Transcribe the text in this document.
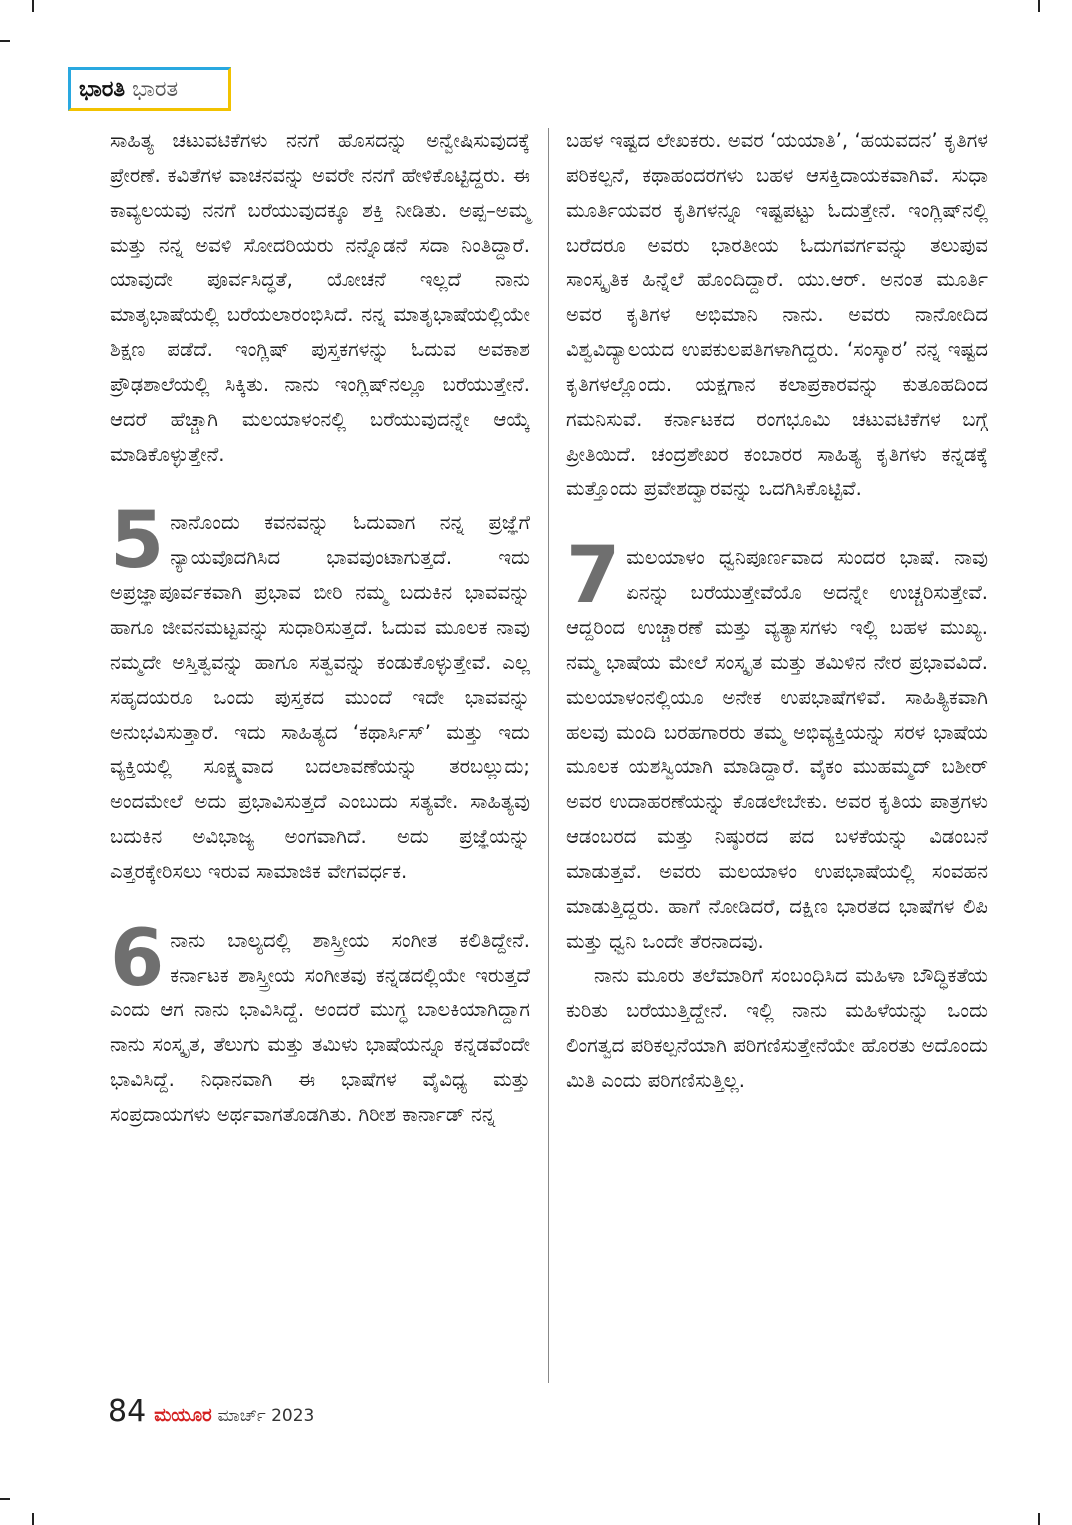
ಭಾರತಿ ಭಾರತ

ಸಾಹಿತ್ಯ ಚಟುವಟಿಕೆಗಳು ನನಗೆ ಹೊಸದನ್ನು ಅನ್ವೇಷಿಸುವುದಕ್ಕೆ ಪ್ರೇರಣೆ. ಕವಿತೆಗಳ ವಾಚನವನ್ನು ಅವರೇ ನನಗೆ ಹೇಳಿಕೊಟ್ಟಿದ್ದರು. ಈ ಕಾವ್ಯಲಯವು ನನಗೆ ಬರೆಯುವುದಕ್ಕೂ ಶಕ್ತಿ ನೀಡಿತು. ಅಪ್ಪ–ಅಮ್ಮ ಮತ್ತು ನನ್ನ ಅವಳಿ ಸೋದರಿಯರು ನನ್ನೊಡನೆ ಸದಾ ನಿಂತಿದ್ದಾರೆ. ಯಾವುದೇ ಪೂರ್ವಸಿದ್ಧತೆ, ಯೋಚನೆ ಇಲ್ಲದೆ ನಾನು ಮಾತೃಭಾಷೆಯಲ್ಲಿ ಬರೆಯಲಾರಂಭಿಸಿದೆ. ನನ್ನ ಮಾತೃಭಾಷೆಯಲ್ಲಿಯೇ ಶಿಕ್ಷಣ ಪಡೆದೆ. ಇಂಗ್ಲಿಷ್ ಪುಸ್ತಕಗಳನ್ನು ಓದುವ ಅವಕಾಶ ಪ್ರೌಢಶಾಲೆಯಲ್ಲಿ ಸಿಕ್ಕಿತು. ನಾನು ಇಂಗ್ಲಿಷ್‌ನಲ್ಲೂ ಬರೆಯುತ್ತೇನೆ. ಆದರೆ ಹೆಚ್ಚಾಗಿ ಮಲಯಾಳಂನಲ್ಲಿ ಬರೆಯುವುದನ್ನೇ ಆಯ್ಕೆ ಮಾಡಿಕೊಳ್ಳುತ್ತೇನೆ.

5 ನಾನೊಂದು ಕವನವನ್ನು ಓದುವಾಗ ನನ್ನ ಪ್ರಜ್ಞೆಗೆ ನ್ಯಾಯವೊದಗಿಸಿದ ಭಾವವುಂಟಾಗುತ್ತದೆ. ಇದು ಅಪ್ರಜ್ಞಾಪೂರ್ವಕವಾಗಿ ಪ್ರಭಾವ ಬೀರಿ ನಮ್ಮ ಬದುಕಿನ ಭಾವವನ್ನು ಹಾಗೂ ಜೀವನಮಟ್ಟವನ್ನು ಸುಧಾರಿಸುತ್ತದೆ. ಓದುವ ಮೂಲಕ ನಾವು ನಮ್ಮದೇ ಅಸ್ತಿತ್ವವನ್ನು ಹಾಗೂ ಸತ್ವವನ್ನು ಕಂಡುಕೊಳ್ಳುತ್ತೇವೆ. ಎಲ್ಲ ಸಹೃದಯರೂ ಒಂದು ಪುಸ್ತಕದ ಮುಂದೆ ಇದೇ ಭಾವವನ್ನು ಅನುಭವಿಸುತ್ತಾರೆ. ಇದು ಸಾಹಿತ್ಯದ ‘ಕಥಾರ್ಸಿಸ್’ ಮತ್ತು ಇದು ವ್ಯಕ್ತಿಯಲ್ಲಿ ಸೂಕ್ಷ್ಮವಾದ ಬದಲಾವಣೆಯನ್ನು ತರಬಲ್ಲುದು; ಅಂದಮೇಲೆ ಅದು ಪ್ರಭಾವಿಸುತ್ತದೆ ಎಂಬುದು ಸತ್ಯವೇ. ಸಾಹಿತ್ಯವು ಬದುಕಿನ ಅವಿಭಾಜ್ಯ ಅಂಗವಾಗಿದೆ. ಅದು ಪ್ರಜ್ಞೆಯನ್ನು ಎತ್ತರಕ್ಕೇರಿಸಲು ಇರುವ ಸಾಮಾಜಿಕ ವೇಗವರ್ಧಕ.

6 ನಾನು ಬಾಲ್ಯದಲ್ಲಿ ಶಾಸ್ತ್ರೀಯ ಸಂಗೀತ ಕಲಿತಿದ್ದೇನೆ. ಕರ್ನಾಟಕ ಶಾಸ್ತ್ರೀಯ ಸಂಗೀತವು ಕನ್ನಡದಲ್ಲಿಯೇ ಇರುತ್ತದೆ ಎಂದು ಆಗ ನಾನು ಭಾವಿಸಿದ್ದೆ. ಅಂದರೆ ಮುಗ್ಧ ಬಾಲಕಿಯಾಗಿದ್ದಾಗ ನಾನು ಸಂಸ್ಕೃತ, ತೆಲುಗು ಮತ್ತು ತಮಿಳು ಭಾಷೆಯನ್ನೂ ಕನ್ನಡವೆಂದೇ ಭಾವಿಸಿದ್ದೆ. ನಿಧಾನವಾಗಿ ಈ ಭಾಷೆಗಳ ವೈವಿಧ್ಯ ಮತ್ತು ಸಂಪ್ರದಾಯಗಳು ಅರ್ಥವಾಗತೊಡಗಿತು. ಗಿರೀಶ ಕಾರ್ನಾಡ್ ನನ್ನ

ಬಹಳ ಇಷ್ಟದ ಲೇಖಕರು. ಅವರ ‘ಯಯಾತಿ’, ‘ಹಯವದನ’ ಕೃತಿಗಳ ಪರಿಕಲ್ಪನೆ, ಕಥಾಹಂದರಗಳು ಬಹಳ ಆಸಕ್ತಿದಾಯಕವಾಗಿವೆ. ಸುಧಾ ಮೂರ್ತಿಯವರ ಕೃತಿಗಳನ್ನೂ ಇಷ್ಟಪಟ್ಟು ಓದುತ್ತೇನೆ. ಇಂಗ್ಲಿಷ್‌ನಲ್ಲಿ ಬರೆದರೂ ಅವರು ಭಾರತೀಯ ಓದುಗವರ್ಗವನ್ನು ತಲುಪುವ ಸಾಂಸ್ಕೃತಿಕ ಹಿನ್ನೆಲೆ ಹೊಂದಿದ್ದಾರೆ. ಯು.ಆರ್. ಅನಂತ ಮೂರ್ತಿ ಅವರ ಕೃತಿಗಳ ಅಭಿಮಾನಿ ನಾನು. ಅವರು ನಾನೋದಿದ ವಿಶ್ವವಿದ್ಯಾಲಯದ ಉಪಕುಲಪತಿಗಳಾಗಿದ್ದರು. ‘ಸಂಸ್ಕಾರ’ ನನ್ನ ಇಷ್ಟದ ಕೃತಿಗಳಲ್ಲೊಂದು. ಯಕ್ಷಗಾನ ಕಲಾಪ್ರಕಾರವನ್ನು ಕುತೂಹದಿಂದ ಗಮನಿಸುವೆ. ಕರ್ನಾಟಕದ ರಂಗಭೂಮಿ ಚಟುವಟಿಕೆಗಳ ಬಗ್ಗೆ ಪ್ರೀತಿಯಿದೆ. ಚಂದ್ರಶೇಖರ ಕಂಬಾರರ ಸಾಹಿತ್ಯ ಕೃತಿಗಳು ಕನ್ನಡಕ್ಕೆ ಮತ್ತೊಂದು ಪ್ರವೇಶದ್ವಾರವನ್ನು ಒದಗಿಸಿಕೊಟ್ಟಿವೆ.

7 ಮಲಯಾಳಂ ಧ್ವನಿಪೂರ್ಣವಾದ ಸುಂದರ ಭಾಷೆ. ನಾವು ಏನನ್ನು ಬರೆಯುತ್ತೇವೆಯೊ ಅದನ್ನೇ ಉಚ್ಚರಿಸುತ್ತೇವೆ. ಆದ್ದರಿಂದ ಉಚ್ಚಾರಣೆ ಮತ್ತು ವ್ಯತ್ಯಾಸಗಳು ಇಲ್ಲಿ ಬಹಳ ಮುಖ್ಯ. ನಮ್ಮ ಭಾಷೆಯ ಮೇಲೆ ಸಂಸ್ಕೃತ ಮತ್ತು ತಮಿಳಿನ ನೇರ ಪ್ರಭಾವವಿದೆ. ಮಲಯಾಳಂನಲ್ಲಿಯೂ ಅನೇಕ ಉಪಭಾಷೆಗಳಿವೆ. ಸಾಹಿತ್ಯಿಕವಾಗಿ ಹಲವು ಮಂದಿ ಬರಹಗಾರರು ತಮ್ಮ ಅಭಿವ್ಯಕ್ತಿಯನ್ನು ಸರಳ ಭಾಷೆಯ ಮೂಲಕ ಯಶಸ್ವಿಯಾಗಿ ಮಾಡಿದ್ದಾರೆ. ವೈಕಂ ಮುಹಮ್ಮದ್ ಬಶೀರ್ ಅವರ ಉದಾಹರಣೆಯನ್ನು ಕೊಡಲೇಬೇಕು. ಅವರ ಕೃತಿಯ ಪಾತ್ರಗಳು ಆಡಂಬರದ ಮತ್ತು ನಿಷ್ಠುರದ ಪದ ಬಳಕೆಯನ್ನು ವಿಡಂಬನೆ ಮಾಡುತ್ತವೆ. ಅವರು ಮಲಯಾಳಂ ಉಪಭಾಷೆಯಲ್ಲಿ ಸಂವಹನ ಮಾಡುತ್ತಿದ್ದರು. ಹಾಗೆ ನೋಡಿದರೆ, ದಕ್ಷಿಣ ಭಾರತದ ಭಾಷೆಗಳ ಲಿಪಿ ಮತ್ತು ಧ್ವನಿ ಒಂದೇ ತೆರನಾದವು.

ನಾನು ಮೂರು ತಲೆಮಾರಿಗೆ ಸಂಬಂಧಿಸಿದ ಮಹಿಳಾ ಬೌದ್ಧಿಕತೆಯ ಕುರಿತು ಬರೆಯುತ್ತಿದ್ದೇನೆ. ಇಲ್ಲಿ ನಾನು ಮಹಿಳೆಯನ್ನು ಒಂದು ಲಿಂಗತ್ವದ ಪರಿಕಲ್ಪನೆಯಾಗಿ ಪರಿಗಣಿಸುತ್ತೇನೆಯೇ ಹೊರತು ಅದೊಂದು ಮಿತಿ ಎಂದು ಪರಿಗಣಿಸುತ್ತಿಲ್ಲ.

84 ಮಯೂರ ಮಾರ್ಚ್ 2023
